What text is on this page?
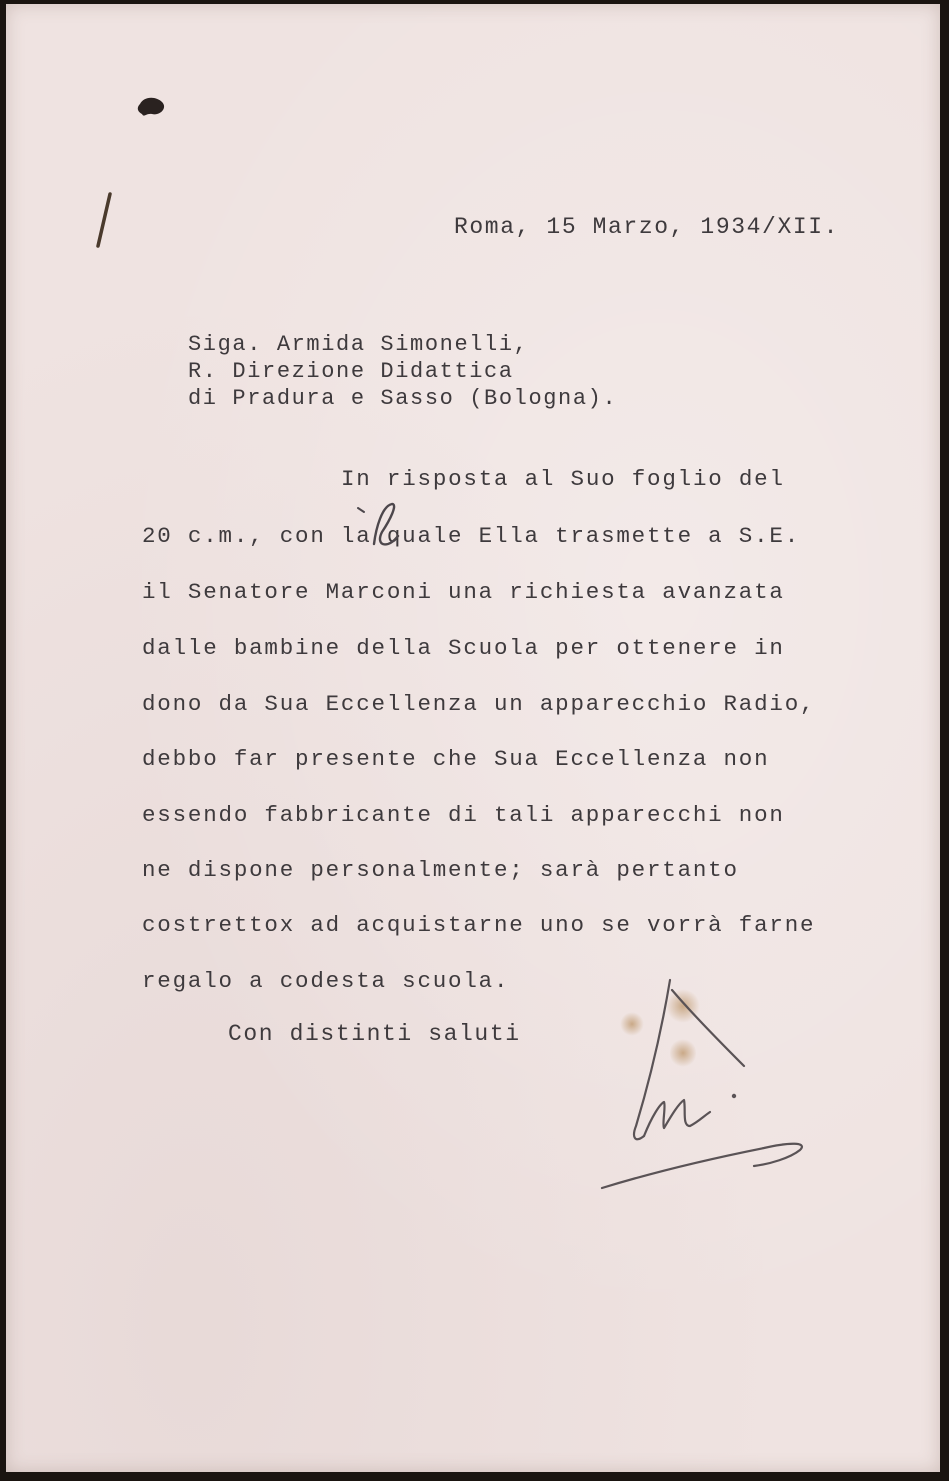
Roma, 15 Marzo, 1934/XII.
Siga. Armida Simonelli,
R. Direzione Didattica
di Pradura e Sasso (Bologna).
In risposta al Suo foglio del
20 c.m., con la quale Ella trasmette a S.E.
il Senatore Marconi una richiesta avanzata
dalle bambine della Scuola per ottenere in
dono da Sua Eccellenza un apparecchio Radio,
debbo far presente che Sua Eccellenza non
essendo fabbricante di tali apparecchi non
ne dispone personalmente; sarà pertanto
costrettox ad acquistarne uno se vorrà farne
regalo a codesta scuola.
Con distinti saluti
